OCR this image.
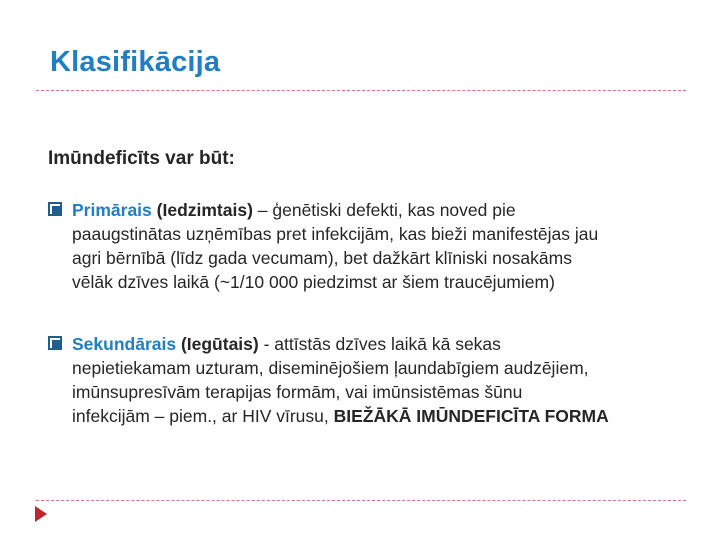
Klasifikācija
Imūndeficīts var būt:
Primārais (Iedzimtais) – ģenētiski defekti, kas noved pie
paaugstinātas uzņēmības pret infekcijām, kas bieži manifestējas jau
agri bērnībā (līdz gada vecumam), bet dažkārt klīniski nosakāms
vēlāk dzīves laikā (~1/10 000 piedzimst ar šiem traucējumiem)
Sekundārais (Iegūtais) - attīstās dzīves laikā kā sekas
nepietiekamam uzturam, diseminējošiem ļaundabīgiem audzējiem,
imūnsupresīvām terapijas formām, vai imūnsistēmas šūnu
infekcijām – piem., ar HIV vīrusu, BIEŽĀKĀ IMŪNDEFICĪTA FORMA
